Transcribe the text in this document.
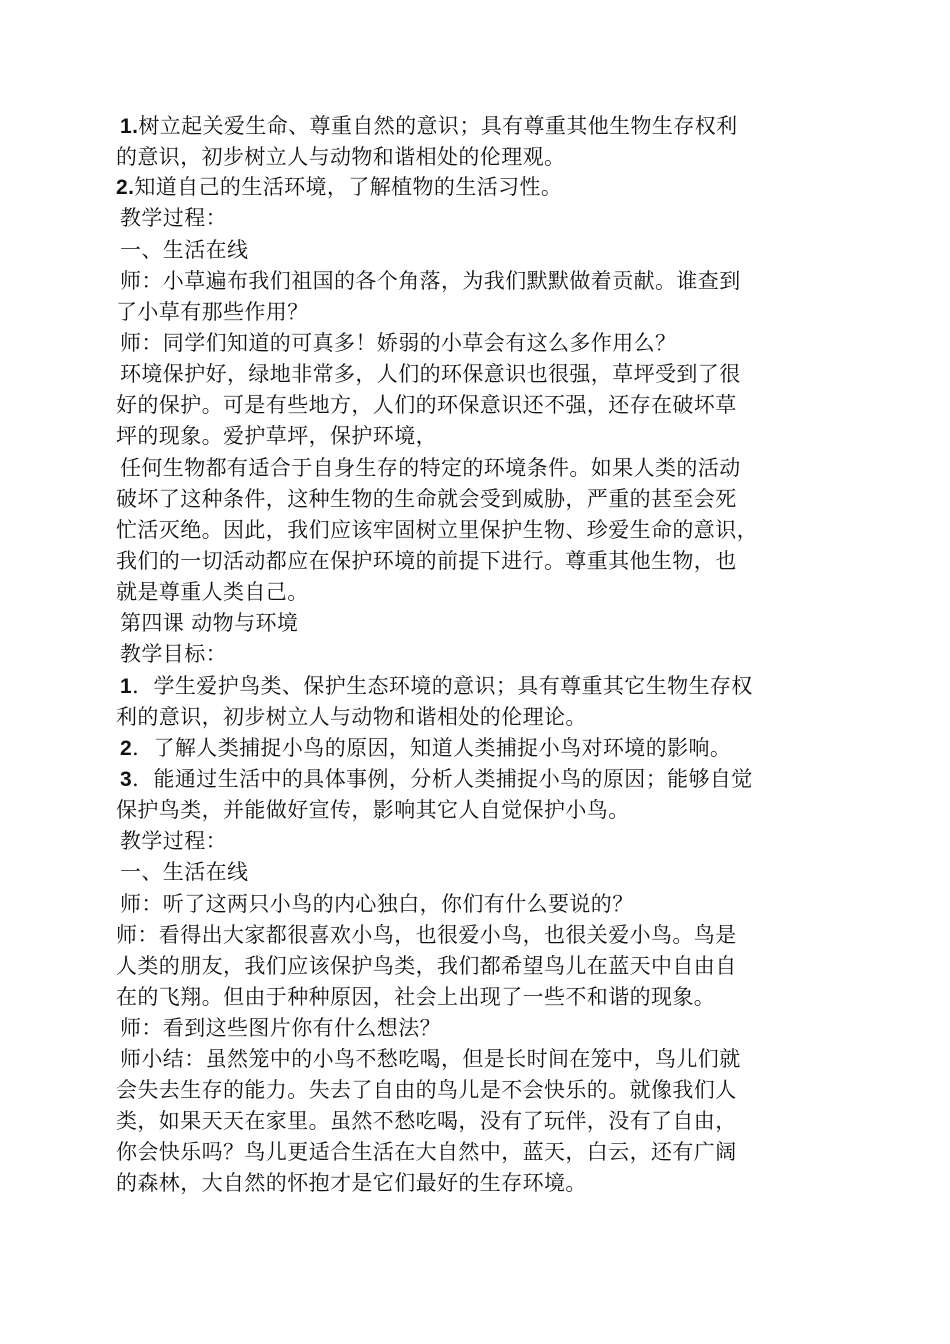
1.树立起关爱生命、尊重自然的意识；具有尊重其他生物生存权利
的意识，初步树立人与动物和谐相处的伦理观。
2.知道自己的生活环境，了解植物的生活习性。
教学过程：
一、生活在线
师：小草遍布我们祖国的各个角落，为我们默默做着贡献。谁查到
了小草有那些作用？
师：同学们知道的可真多！娇弱的小草会有这么多作用么？
环境保护好，绿地非常多，人们的环保意识也很强，草坪受到了很
好的保护。可是有些地方，人们的环保意识还不强，还存在破坏草
坪的现象。爱护草坪，保护环境，
任何生物都有适合于自身生存的特定的环境条件。如果人类的活动
破坏了这种条件，这种生物的生命就会受到威胁，严重的甚至会死
忙活灭绝。因此，我们应该牢固树立里保护生物、珍爱生命的意识，
我们的一切活动都应在保护环境的前提下进行。尊重其他生物，也
就是尊重人类自己。
第四课 动物与环境
教学目标：
1．学生爱护鸟类、保护生态环境的意识；具有尊重其它生物生存权
利的意识，初步树立人与动物和谐相处的伦理论。
2．了解人类捕捉小鸟的原因，知道人类捕捉小鸟对环境的影响。
3．能通过生活中的具体事例，分析人类捕捉小鸟的原因；能够自觉
保护鸟类，并能做好宣传，影响其它人自觉保护小鸟。
教学过程：
一、生活在线
师：听了这两只小鸟的内心独白，你们有什么要说的？
师：看得出大家都很喜欢小鸟，也很爱小鸟，也很关爱小鸟。鸟是
人类的朋友，我们应该保护鸟类，我们都希望鸟儿在蓝天中自由自
在的飞翔。但由于种种原因，社会上出现了一些不和谐的现象。
师：看到这些图片你有什么想法？
师小结：虽然笼中的小鸟不愁吃喝，但是长时间在笼中，鸟儿们就
会失去生存的能力。失去了自由的鸟儿是不会快乐的。就像我们人
类，如果天天在家里。虽然不愁吃喝，没有了玩伴，没有了自由，
你会快乐吗？鸟儿更适合生活在大自然中，蓝天，白云，还有广阔
的森林，大自然的怀抱才是它们最好的生存环境。
